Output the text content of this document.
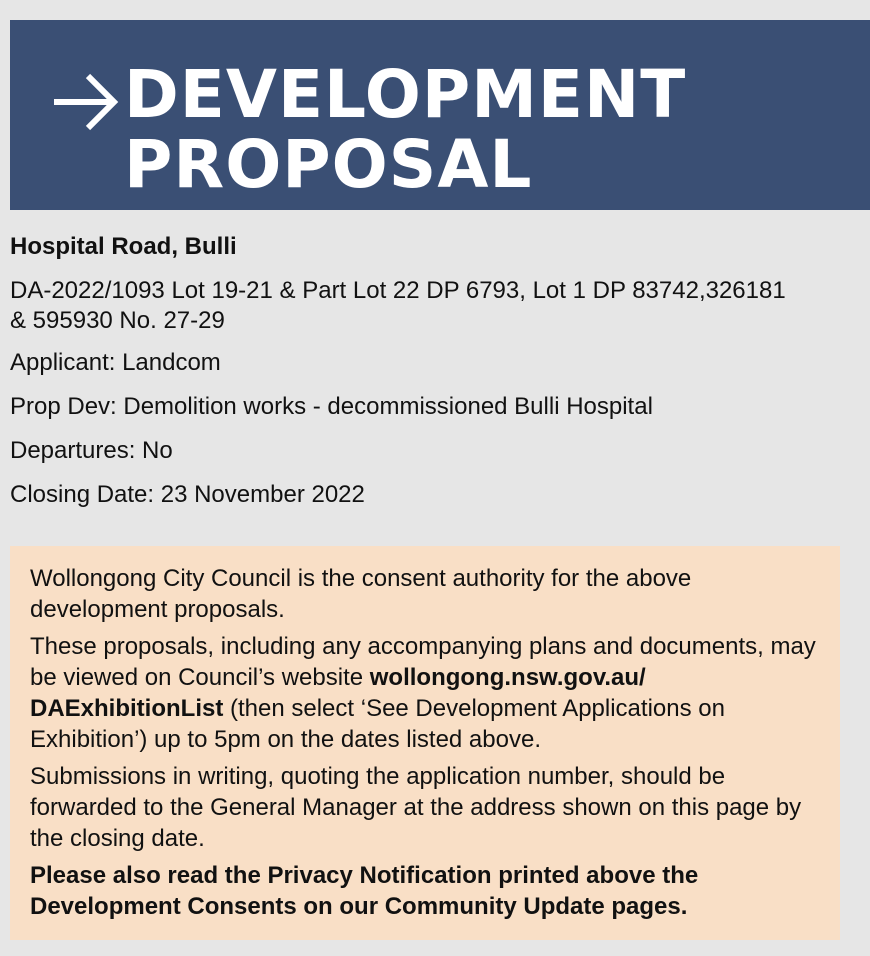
DEVELOPMENT
PROPOSAL

Hospital Road, Bulli

DA-2022/1093 Lot 19-21 & Part Lot 22 DP 6793, Lot 1 DP 83742,326181

& 595930 No. 27-29

Applicant: Landcom

Prop Dev: Demolition works - decommissioned Bulli Hospital

Departures: No

Closing Date: 23 November 2022

Wollongong City Council is the consent authority for the above development proposals.

These proposals, including any accompanying plans and documents, may be viewed on Council’s website wollongong.nsw.gov.au/ DAExhibitionList (then select ‘See Development Applications on Exhibition’) up to 5pm on the dates listed above.

Submissions in writing, quoting the application number, should be forwarded to the General Manager at the address shown on this page by the closing date.

Please also read the Privacy Notification printed above the Development Consents on our Community Update pages.
